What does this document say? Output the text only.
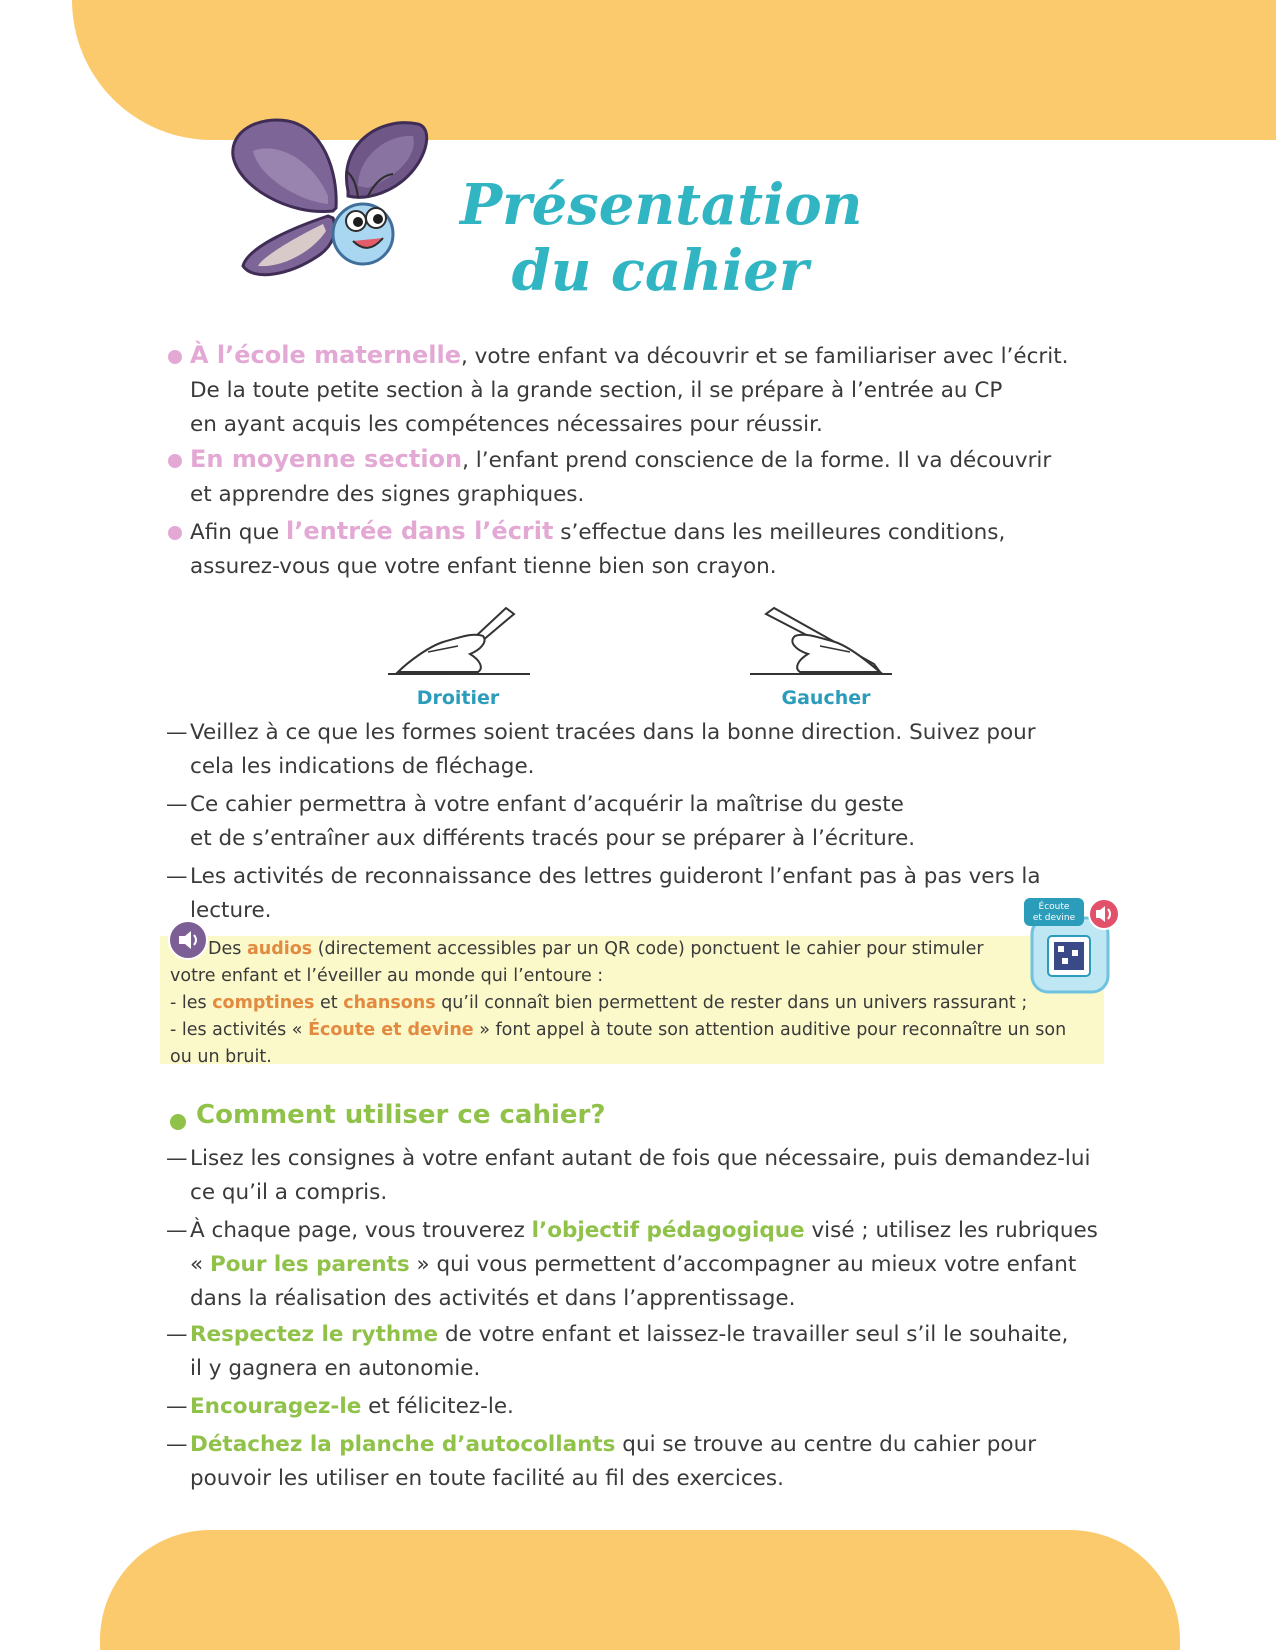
Présentation
du cahier

À l’école maternelle, votre enfant va découvrir et se familiariser avec l’écrit.
De la toute petite section à la grande section, il se prépare à l’entrée au CP
en ayant acquis les compétences nécessaires pour réussir.

En moyenne section, l’enfant prend conscience de la forme. Il va découvrir
et apprendre des signes graphiques.

Afin que l’entrée dans l’écrit s’effectue dans les meilleures conditions,
assurez-vous que votre enfant tienne bien son crayon.

Droitier	Gaucher

— Veillez à ce que les formes soient tracées dans la bonne direction. Suivez pour
cela les indications de fléchage.

— Ce cahier permettra à votre enfant d’acquérir la maîtrise du geste
et de s’entraîner aux différents tracés pour se préparer à l’écriture.

— Les activités de reconnaissance des lettres guideront l’enfant pas à pas vers la lecture.

Des audios (directement accessibles par un QR code) ponctuent le cahier pour stimuler
votre enfant et l’éveiller au monde qui l’entoure :
- les comptines et chansons qu’il connaît bien permettent de rester dans un univers rassurant ;
- les activités « Écoute et devine » font appel à toute son attention auditive pour reconnaître un son
ou un bruit.

Écoute
et devine
Comment utiliser ce cahier?

— Lisez les consignes à votre enfant autant de fois que nécessaire, puis demandez-lui
ce qu’il a compris.

— À chaque page, vous trouverez l’objectif pédagogique visé ; utilisez les rubriques
« Pour les parents » qui vous permettent d’accompagner au mieux votre enfant
dans la réalisation des activités et dans l’apprentissage.

— Respectez le rythme de votre enfant et laissez-le travailler seul s’il le souhaite,
il y gagnera en autonomie.

— Encouragez-le et félicitez-le.

— Détachez la planche d’autocollants qui se trouve au centre du cahier pour
pouvoir les utiliser en toute facilité au fil des exercices.
